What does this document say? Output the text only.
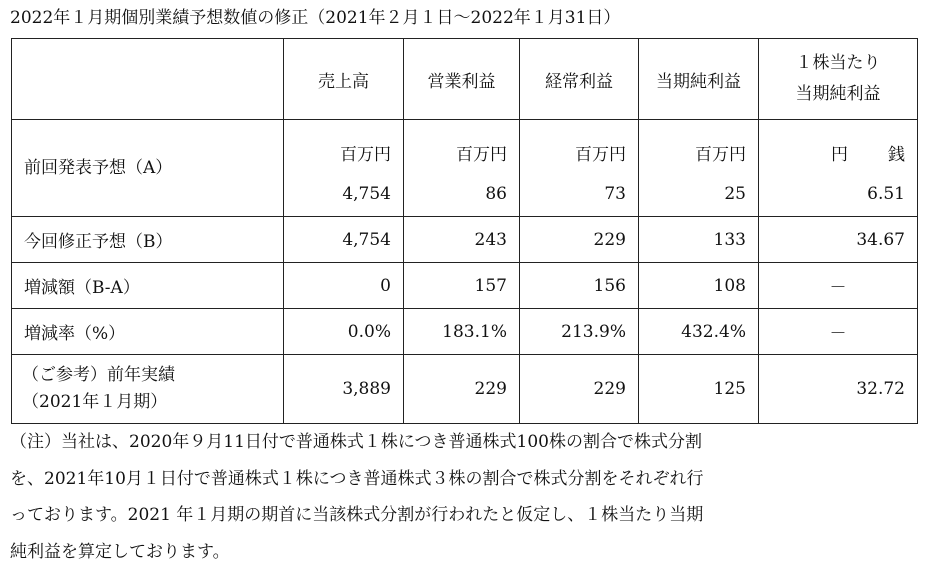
2022年１月期個別業績予想数値の修正（2021年２月１日～2022年１月31日）
	売上高	営業利益	経常利益	当期純利益	１株当たり
当期純利益
前回発表予想（A）	百万円	百万円	百万円	百万円	円 銭

	4,754	86	73	25	6.51
今回修正予想（B）	4,754	243	229	133	34.67
増減額（B-A）	0	157	156	108	－
増減率（%）	0.0%	183.1%	213.9%	432.4%	－
（ご参考）前年実績
（2021年１月期）	3,889	229	229	125	32.72
（注）当社は、2020年９月11日付で普通株式１株につき普通株式100株の割合で株式分割
を、2021年10月１日付で普通株式１株につき普通株式３株の割合で株式分割をそれぞれ行
っております。2021 年１月期の期首に当該株式分割が行われたと仮定し、１株当たり当期
純利益を算定しております。
